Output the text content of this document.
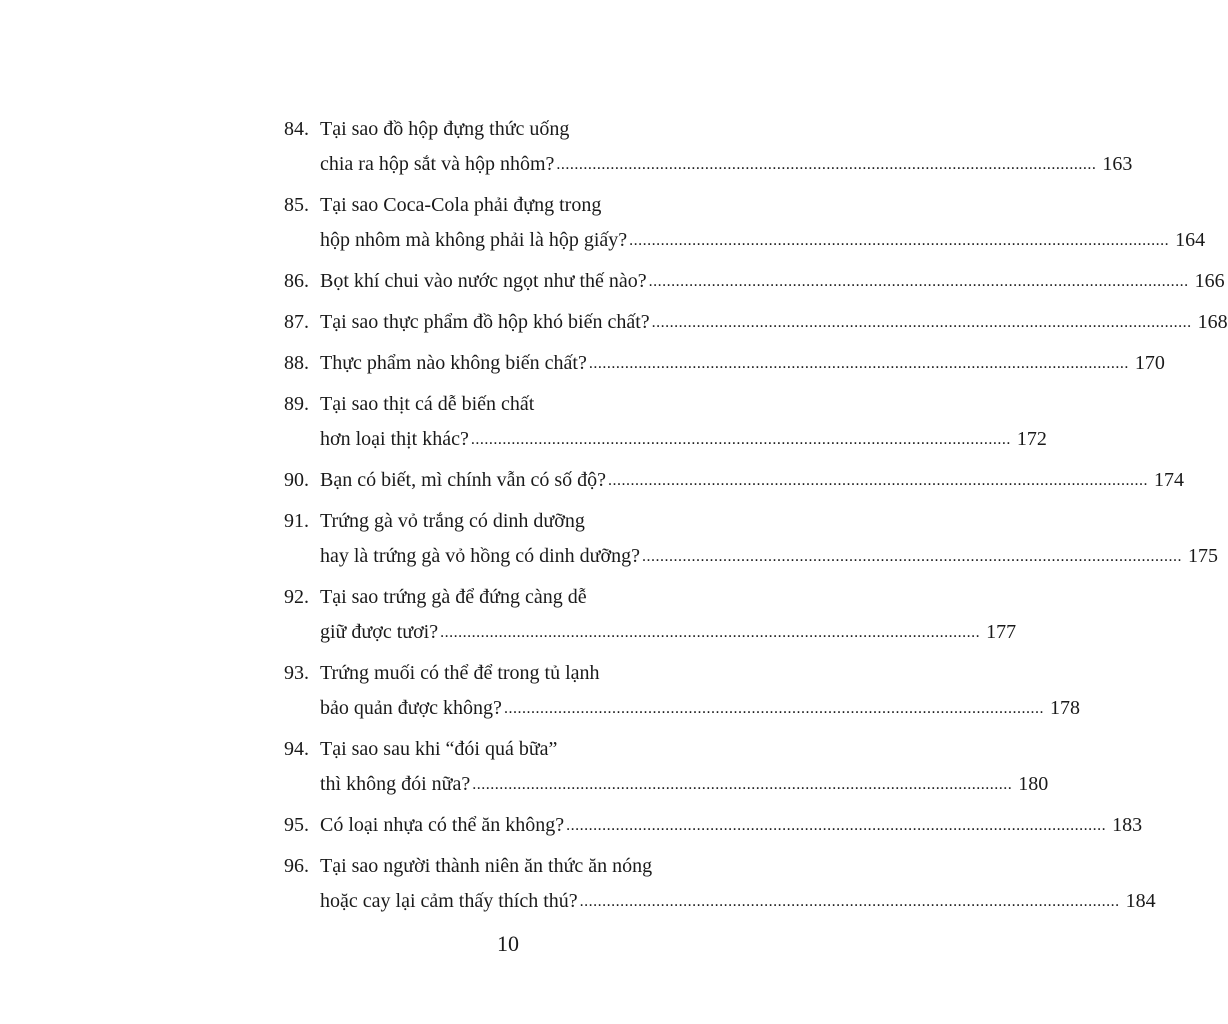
84. Tại sao đồ hộp đựng thức uống
chia ra hộp sắt và hộp nhôm? ........................................................................................................................ 163
85. Tại sao Coca-Cola phải đựng trong
hộp nhôm mà không phải là hộp giấy? ........................................................................................................................ 164
86. Bọt khí chui vào nước ngọt như thế nào? ........................................................................................................................ 166
87. Tại sao thực phẩm đồ hộp khó biến chất? ........................................................................................................................ 168
88. Thực phẩm nào không biến chất? ........................................................................................................................ 170
89. Tại sao thịt cá dễ biến chất
hơn loại thịt khác? ........................................................................................................................ 172
90. Bạn có biết, mì chính vẫn có số độ? ........................................................................................................................ 174
91. Trứng gà vỏ trắng có dinh dưỡng
hay là trứng gà vỏ hồng có dinh dưỡng? ........................................................................................................................ 175
92. Tại sao trứng gà để đứng càng dễ
giữ được tươi? ........................................................................................................................ 177
93. Trứng muối có thể để trong tủ lạnh
bảo quản được không? ........................................................................................................................ 178
94. Tại sao sau khi “đói quá bữa”
thì không đói nữa? ........................................................................................................................ 180
95. Có loại nhựa có thể ăn không? ........................................................................................................................ 183
96. Tại sao người thành niên ăn thức ăn nóng
hoặc cay lại cảm thấy thích thú? ........................................................................................................................ 184
10
